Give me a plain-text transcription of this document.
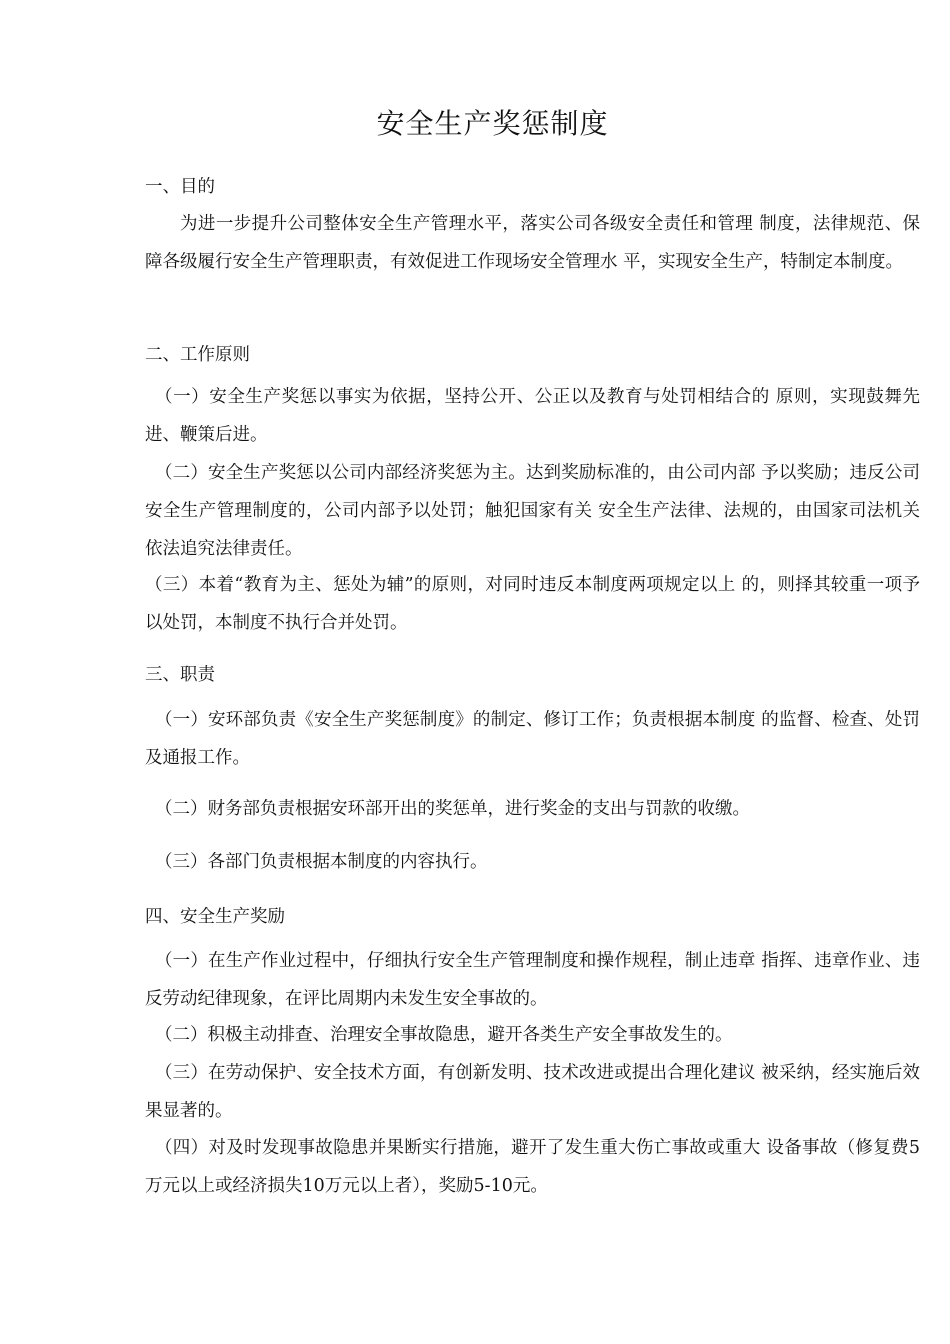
安全生产奖惩制度
一、目的

为进一步提升公司整体安全生产管理水平，落实公司各级安全责任和管理 制度，法律规范、保障各级履行安全生产管理职责，有效促进工作现场安全管理水 平，实现安全生产，特制定本制度。

二、工作原则

（一）安全生产奖惩以事实为依据，坚持公开、公正以及教育与处罚相结合的 原则，实现鼓舞先进、鞭策后进。

（二）安全生产奖惩以公司内部经济奖惩为主。达到奖励标准的，由公司内部 予以奖励；违反公司安全生产管理制度的，公司内部予以处罚；触犯国家有关 安全生产法律、法规的，由国家司法机关依法追究法律责任。

（三）本着“教育为主、惩处为辅”的原则，对同时违反本制度两项规定以上 的，则择其较重一项予以处罚，本制度不执行合并处罚。

三、职责

（一）安环部负责《安全生产奖惩制度》的制定、修订工作；负责根据本制度 的监督、检查、处罚及通报工作。

（二）财务部负责根据安环部开出的奖惩单，进行奖金的支出与罚款的收缴。

（三）各部门负责根据本制度的内容执行。

四、安全生产奖励

（一）在生产作业过程中，仔细执行安全生产管理制度和操作规程，制止违章 指挥、违章作业、违反劳动纪律现象，在评比周期内未发生安全事故的。

（二）积极主动排查、治理安全事故隐患，避开各类生产安全事故发生的。

（三）在劳动保护、安全技术方面，有创新发明、技术改进或提出合理化建议 被采纳，经实施后效果显著的。

（四）对及时发现事故隐患并果断实行措施，避开了发生重大伤亡事故或重大 设备事故（修复费5万元以上或经济损失10万元以上者），奖励5-10元。
